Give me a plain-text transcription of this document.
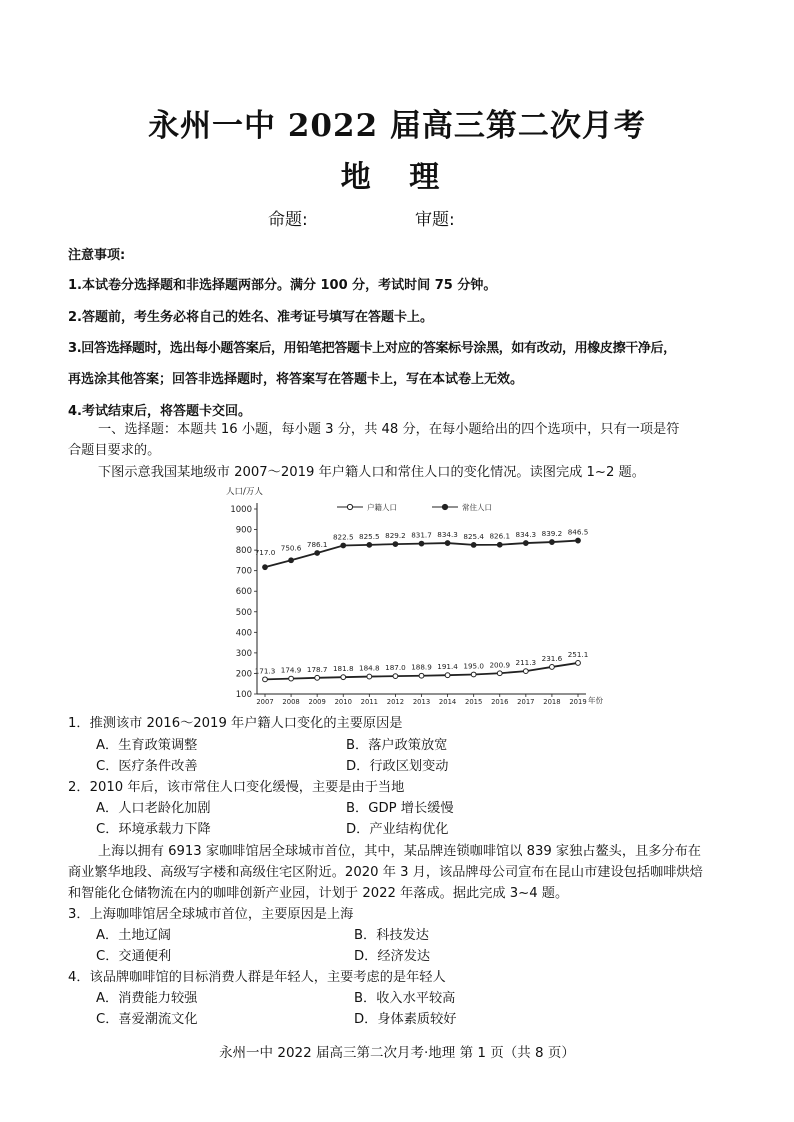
永州一中 2022 届高三第二次月考
地 理
命题:	审题:
注意事项:
1.本试卷分选择题和非选择题两部分。满分 100 分，考试时间 75 分钟。
2.答题前，考生务必将自己的姓名、准考证号填写在答题卡上。
3.回答选择题时，选出每小题答案后，用铅笔把答题卡上对应的答案标号涂黑，如有改动，用橡皮擦干净后，
再选涂其他答案；回答非选择题时，将答案写在答题卡上，写在本试卷上无效。
4.考试结束后，将答题卡交回。
一、选择题：本题共 16 小题，每小题 3 分，共 48 分，在每小题给出的四个选项中，只有一项是符
合题目要求的。
下图示意我国某地级市 2007～2019 年户籍人口和常住人口的变化情况。读图完成 1~2 题。
人口/万人
年份
100
200
300
400
500
600
700
800
900
1000
2007 2008 2009 2010 2011 2012 2013 2014 2015 2016 2017 2018 2019
户籍人口	常住人口
171.3 174.9 178.7 181.8 184.8 187.0 188.9 191.4 195.0 200.9 211.3 231.6 251.1
717.0
750.6 786.1
822.5 825.5 829.2 831.7 834.3 825.4 826.1 834.3 839.2 846.5
1．推测该市 2016～2019 年户籍人口变化的主要原因是
A．生育政策调整	B．落户政策放宽
C．医疗条件改善	D．行政区划变动
2．2010 年后，该市常住人口变化缓慢，主要是由于当地
A．人口老龄化加剧	B．GDP 增长缓慢
C．环境承载力下降	D．产业结构优化
上海以拥有 6913 家咖啡馆居全球城市首位，其中，某品牌连锁咖啡馆以 839 家独占鳌头，且多分布在
商业繁华地段、高级写字楼和高级住宅区附近。2020 年 3 月，该品牌母公司宣布在昆山市建设包括咖啡烘焙
和智能化仓储物流在内的咖啡创新产业园，计划于 2022 年落成。据此完成 3~4 题。
3．上海咖啡馆居全球城市首位，主要原因是上海
A．土地辽阔	B．科技发达
C．交通便利	D．经济发达
4．该品牌咖啡馆的目标消费人群是年轻人，主要考虑的是年轻人
A．消费能力较强	B．收入水平较高
C．喜爱潮流文化	D．身体素质较好
永州一中 2022 届高三第二次月考·地理 第 1 页（共 8 页）
